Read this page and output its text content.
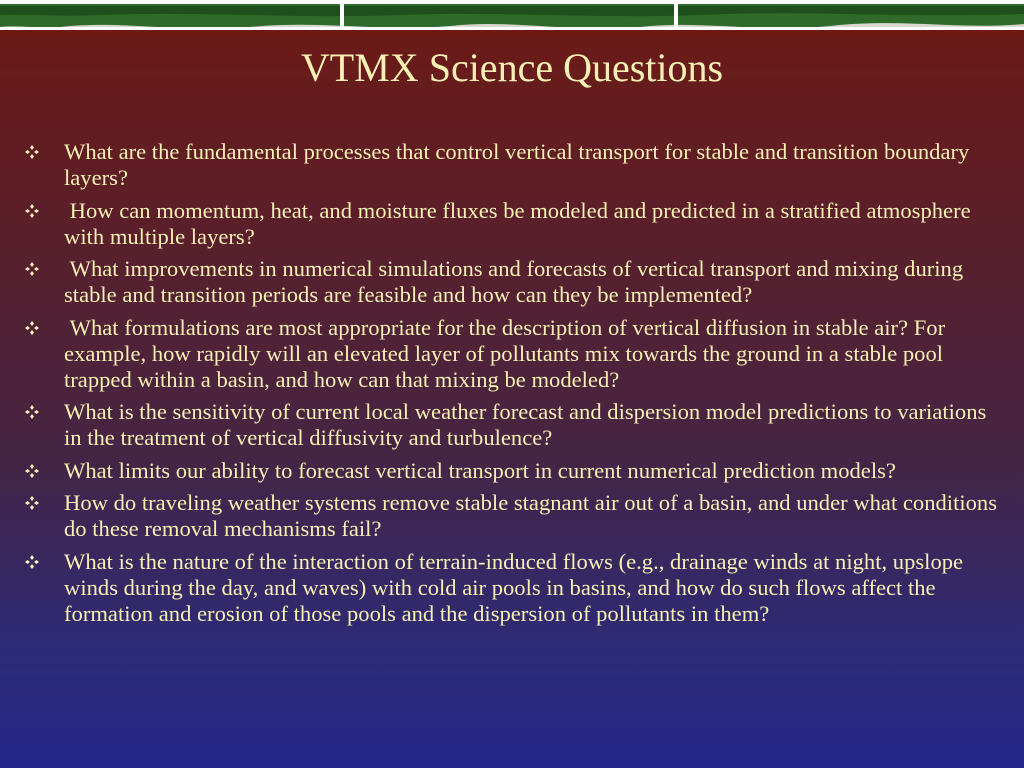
VTMX Science Questions
What are the fundamental processes that control vertical transport for stable and transition boundary layers?
How can momentum, heat, and moisture fluxes be modeled and predicted in a stratified atmosphere with multiple layers?
What improvements in numerical simulations and forecasts of vertical transport and mixing during stable and transition periods are feasible and how can they be implemented?
What formulations are most appropriate for the description of vertical diffusion in stable air? For example, how rapidly will an elevated layer of pollutants mix towards the ground in a stable pool trapped within a basin, and how can that mixing be modeled?
What is the sensitivity of current local weather forecast and dispersion model predictions to variations in the treatment of vertical diffusivity and turbulence?
What limits our ability to forecast vertical transport in current numerical prediction models?
How do traveling weather systems remove stable stagnant air out of a basin, and under what conditions do these removal mechanisms fail?
What is the nature of the interaction of terrain-induced flows (e.g., drainage winds at night, upslope winds during the day, and waves) with cold air pools in basins, and how do such flows affect the formation and erosion of those pools and the dispersion of pollutants in them?
